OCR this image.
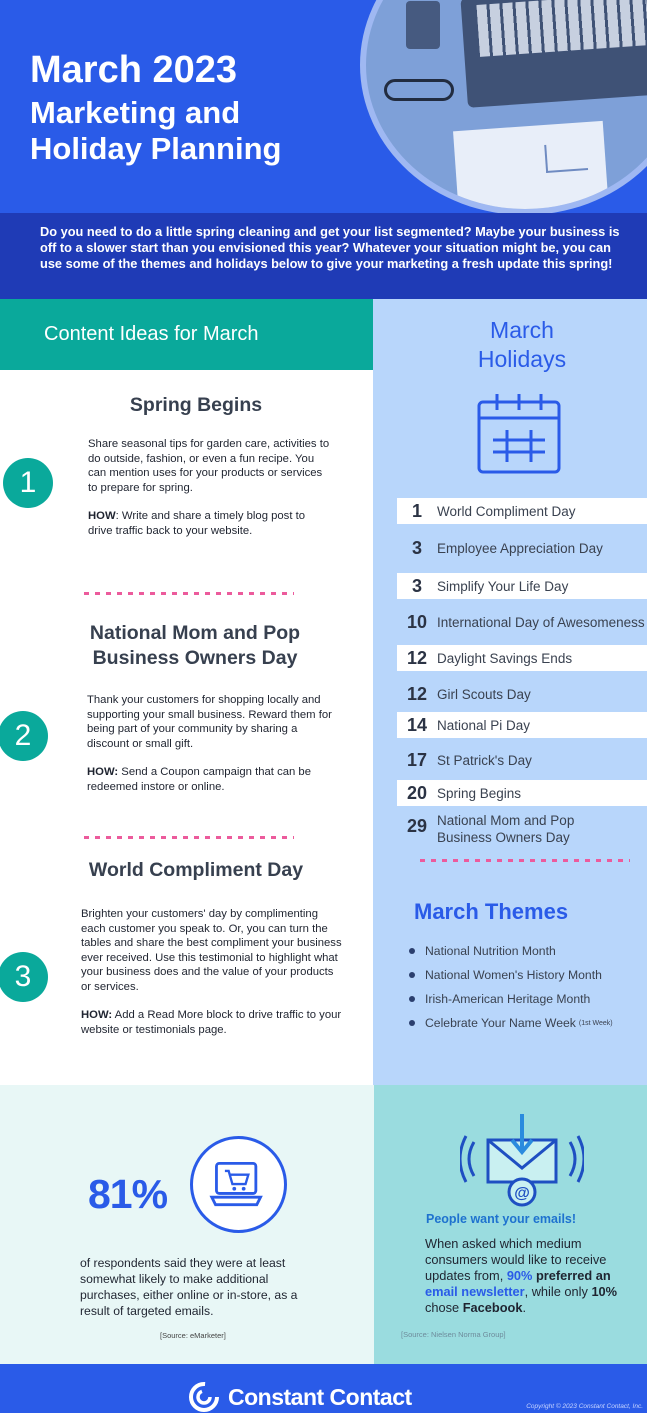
March 2023
Marketing and
Holiday Planning

Do you need to do a little spring cleaning and get your list segmented? Maybe your business is off to a slower start than you envisioned this year? Whatever your situation might be, you can use some of the themes and holidays below to give your marketing a fresh update this spring!

Content Ideas for March
Spring Begins
1
Share seasonal tips for garden care, activities to do outside, fashion, or even a fun recipe. You can mention uses for your products or services to prepare for spring.
HOW: Write and share a timely blog post to drive traffic back to your website.
National Mom and Pop Business Owners Day
2
Thank your customers for shopping locally and supporting your small business. Reward them for being part of your community by sharing a discount or small gift.
HOW: Send a Coupon campaign that can be redeemed instore or online.
World Compliment Day
3
Brighten your customers' day by complimenting each customer you speak to. Or, you can turn the tables and share the best compliment your business ever received. Use this testimonial to highlight what your business does and the value of your products or services.
HOW: Add a Read More block to drive traffic to your website or testimonials page.
March
Holidays
1	World Compliment Day
3	Employee Appreciation Day
3	Simplify Your Life Day
10 International Day of Awesomeness
12 Daylight Savings Ends
12 Girl Scouts Day
14 National Pi Day
17 St Patrick's Day
20 Spring Begins
29 National Mom and Pop Business Owners Day
March Themes
National Nutrition Month
National Women's History Month
Irish-American Heritage Month
Celebrate Your Name Week (1st Week)
81%
of respondents said they were at least somewhat likely to make additional purchases, either online or in-store, as a result of targeted emails.
[Source: eMarketer]
@
People want your emails!
When asked which medium consumers would like to receive updates from, 90% preferred an email newsletter, while only 10% chose Facebook.
[Source: Nielsen Norma Group]
Constant Contact	Copyright © 2023 Constant Contact, Inc.
